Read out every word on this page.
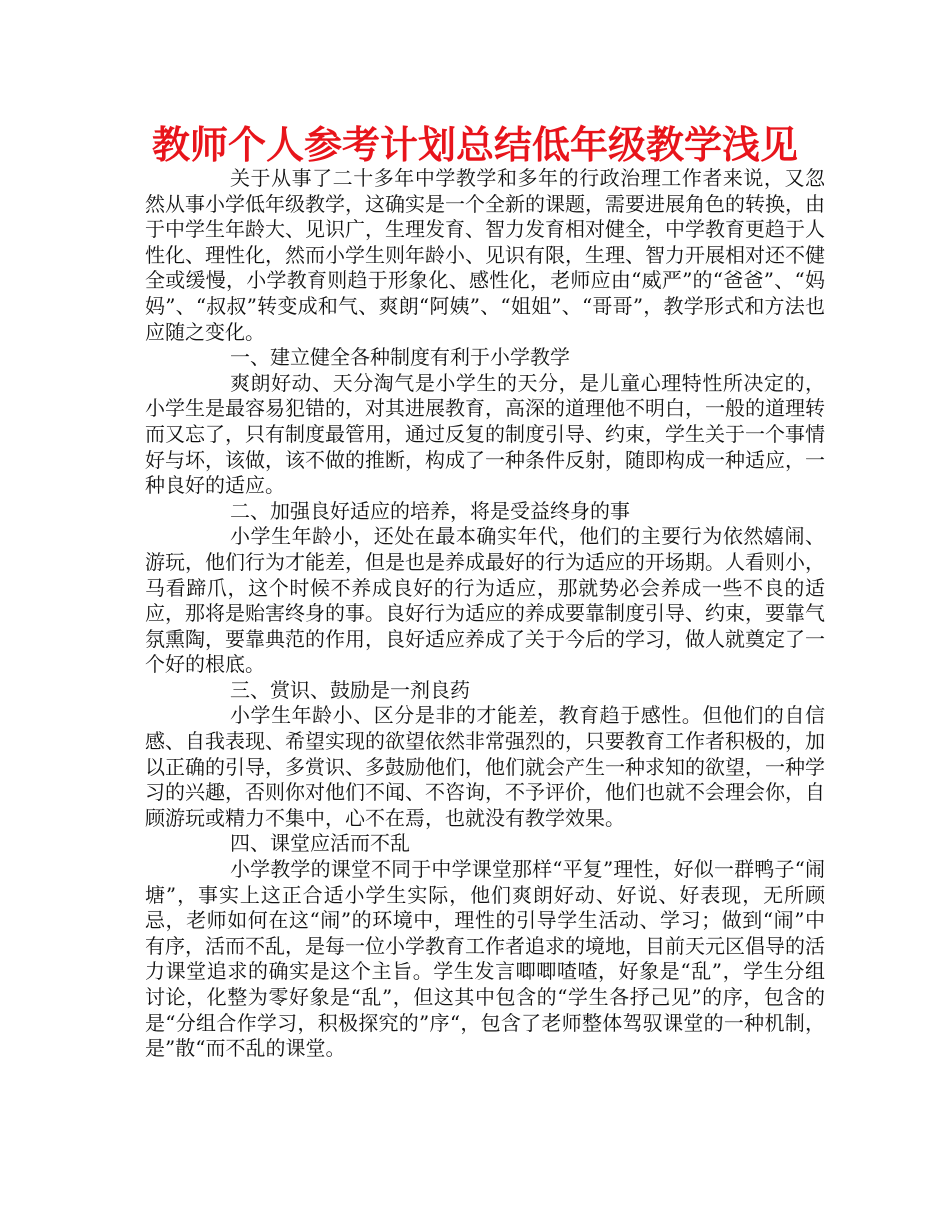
教师个人参考计划总结低年级教学浅见

关于从事了二十多年中学教学和多年的行政治理工作者来说，又忽然从事小学低年级教学，这确实是一个全新的课题，需要进展角色的转换，由于中学生年龄大、见识广，生理发育、智力发育相对健全，中学教育更趋于人性化、理性化，然而小学生则年龄小、见识有限，生理、智力开展相对还不健全或缓慢，小学教育则趋于形象化、感性化，老师应由“威严”的“爸爸”、“妈妈”、“叔叔”转变成和气、爽朗“阿姨”、“姐姐”、“哥哥”，教学形式和方法也应随之变化。

一、建立健全各种制度有利于小学教学

爽朗好动、天分淘气是小学生的天分，是儿童心理特性所决定的，小学生是最容易犯错的，对其进展教育，高深的道理他不明白，一般的道理转而又忘了，只有制度最管用，通过反复的制度引导、约束，学生关于一个事情好与坏，该做，该不做的推断，构成了一种条件反射，随即构成一种适应，一种良好的适应。

二、加强良好适应的培养，将是受益终身的事

小学生年龄小，还处在最本确实年代，他们的主要行为依然嬉闹、游玩，他们行为才能差，但是也是养成最好的行为适应的开场期。人看则小，马看蹄爪，这个时候不养成良好的行为适应，那就势必会养成一些不良的适应，那将是贻害终身的事。良好行为适应的养成要靠制度引导、约束，要靠气氛熏陶，要靠典范的作用，良好适应养成了关于今后的学习，做人就奠定了一个好的根底。

三、赏识、鼓励是一剂良药

小学生年龄小、区分是非的才能差，教育趋于感性。但他们的自信感、自我表现、希望实现的欲望依然非常强烈的，只要教育工作者积极的，加以正确的引导，多赏识、多鼓励他们，他们就会产生一种求知的欲望，一种学习的兴趣，否则你对他们不闻、不咨询，不予评价，他们也就不会理会你，自顾游玩或精力不集中，心不在焉，也就没有教学效果。

四、课堂应活而不乱

小学教学的课堂不同于中学课堂那样“平复”理性，好似一群鸭子“闹塘”，事实上这正合适小学生实际，他们爽朗好动、好说、好表现，无所顾忌，老师如何在这“闹”的环境中，理性的引导学生活动、学习；做到“闹”中有序，活而不乱，是每一位小学教育工作者追求的境地，目前天元区倡导的活力课堂追求的确实是这个主旨。学生发言唧唧喳喳，好象是“乱”，学生分组讨论，化整为零好象是“乱”，但这其中包含的“学生各抒己见”的序，包含的是“分组合作学习，积极探究的”序“，包含了老师整体驾驭课堂的一种机制，是”散“而不乱的课堂。
